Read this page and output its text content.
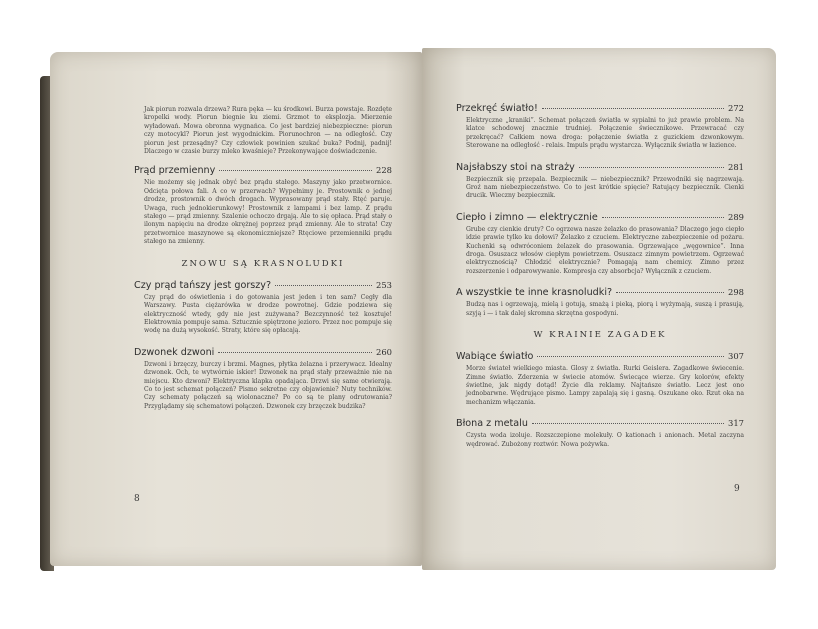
Jak piorun rozwala drzewa? Rura pęka — ku środkowi. Burza powstaje. Rozdęte kropelki wody. Piorun biegnie ku ziemi. Grzmot to eksplozja. Mierzenie wyładowań. Mowa obronna wygnańca. Co jest bardziej niebezpieczne: piorun czy motocykl? Piorun jest wygodnickim. Piorunochron — na odległość. Czy piorun jest przesądny? Czy człowiek powinien szukać buka? Podnij, padnij! Dlaczego w czasie burzy mleko kwaśnieje? Przekonywające doświadczenie.

Prąd przemienny	228

Nie możemy się jednak obyć bez prądu stałego. Maszyny jako przetwornice. Odcięta połowa fali. A co w przerwach? Wypełnimy je. Prostownik o jednej drodze, prostownik o dwóch drogach. Wyprasowany prąd stały. Rtęć paruje. Uwaga, ruch jednokierunkowy! Prostownik z lampami i bez lamp. Z prądu stałego — prąd zmienny. Szalenie ochoczo drgają. Ale to się opłaca. Prąd stały o ilonym napięciu na drodze okrężnej poprzez prąd zmienny. Ale to strata! Czy przetwornice maszynowe są ekonomiczniejsze? Rtęciowe przemienniki prądu stałego na zmienny.

ZNOWU SĄ KRASNOLUDKI
Czy prąd tańszy jest gorszy?	253

Czy prąd do oświetlenia i do gotowania jest jeden i ten sam? Cegły dla Warszawy. Pusta ciężarówka w drodze powrotnej. Gdzie podziewa się elektryczność wtedy, gdy nie jest zużywana? Bezczynność też kosztuje! Elektrownia pompuje sama. Sztucznie spiętrzone jezioro. Przez noc pompuje się wodę na dużą wysokość. Straty, które się opłacają.

Dzwonek dzwoni	260

Dzwoni i brzęczy, burczy i brzmi. Magnes, płytka żelazna i przerywacz. Idealny dzwonek. Och, te wytwórnie iskier! Dzwonek na prąd stały przeważnie nie na miejscu. Kto dzwoni? Elektryczna klapka opadająca. Drzwi się same otwierają. Co to jest schemat połączeń? Pismo sekretne czy objawienie? Nuty techników. Czy schematy połączeń są wiolonaczne? Po co są te plany odrutowania? Przyglądamy się schematowi połączeń. Dzwonek czy brzęczek budzika?

8
Przekręć światło!	272

Elektryczne „kraniki”. Schemat połączeń światła w sypialni to już prawie problem. Na klatce schodowej znacznie trudniej. Połączenie świecznikowe. Przewracać czy przekręcać? Całkiem nowa droga: połączenie światła z guzickiem dzwonkowym. Sterowane na odległość - relais. Impuls prądu wystarcza. Wyłącznik światła w łazience.

Najsłabszy stoi na straży	281

Bezpiecznik się przepala. Bezpiecznik — niebezpiecznik? Przewodniki się nagrzewają. Groź nam niebezpieczeństwo. Co to jest krótkie spięcie? Ratujący bezpiecznik. Cienki drucik. Wieczny bezpiecznik.

Ciepło i zimno — elektrycznie	289

Grube czy cienkie druty? Co ogrzewa nasze żelazko do prasowania? Dlaczego jego ciepło idzie prawie tylko ku dołowi? Żelazko z czuciem. Elektryczne zabezpieczenie od pożaru. Kuchenki są odwróconiem żelazek do prasowania. Ogrzewające „węgownice”. Inna droga. Osuszacz włosów ciepłym powietrzem. Osuszacz zimnym powietrzem. Ogrzewać elektrycznością? Chłodzić elektrycznie? Pomagają nam chemicy. Zimno przez rozszerzenie i odparowywanie. Kompresja czy absorbcja? Wyłącznik z czuciem.

A wszystkie te inne krasnoludki?	298

Budzą nas i ogrzewają, mielą i gotują, smażą i pieką, piorą i wyżymają, suszą i prasują, szyją i — i tak dalej skromna skrzętna gospodyni.

W KRAINIE ZAGADEK
Wabiące światło	307

Morze świateł wielkiego miasta. Glosy z światła. Rurki Geislera. Zagadkowe świecenie. Zimne światło. Zderzenia w świecie atomów. Świecące wierze. Gry kolorów, efekty świetlne, jak nigdy dotąd! Życie dla reklamy. Najtańsze światło. Lecz jest ono jednobarwne. Wędrujące pismo. Lampy zapalają się i gasną. Oszukane oko. Rzut oka na mechanizm włączania.

Błona z metalu	317

Czysta woda izoluje. Rozszczepione molekuły. O kationach i anionach. Metal zaczyna wędrować. Zubożony roztwór. Nowa pożywka.

9
